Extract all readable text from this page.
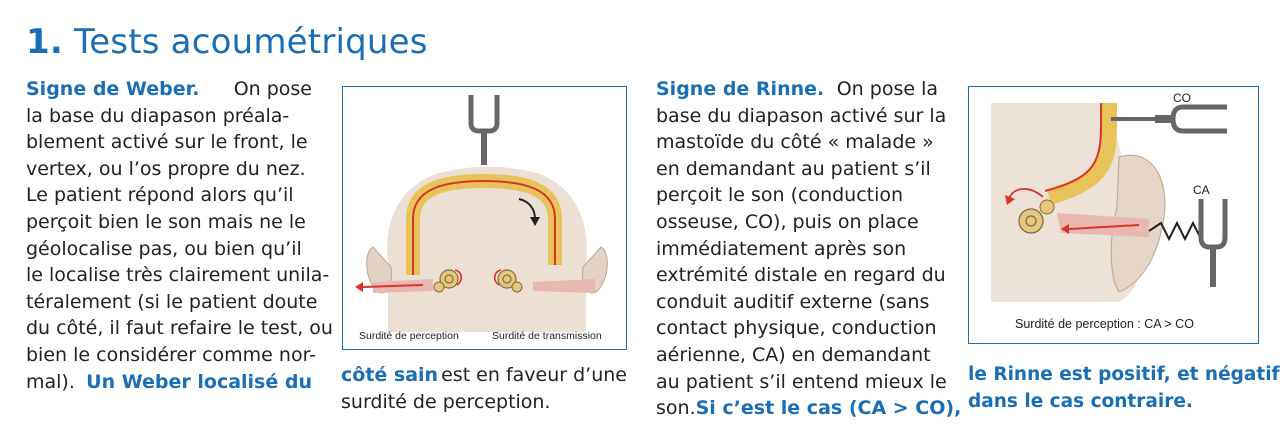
1. Tests acoumétriques
Signe de Weber. On pose
la base du diapason préala-
blement activé sur le front, le
vertex, ou l’os propre du nez.
Le patient répond alors qu’il
perçoit bien le son mais ne le
géolocalise pas, ou bien qu’il
le localise très clairement unila-
téralement (si le patient doute
du côté, il faut refaire le test, ou
bien le considérer comme nor-
mal). Un Weber localisé du
Surdité de perception	Surdité de transmission
côté sain est en faveur d’une
surdité de perception.
Signe de Rinne. On pose la
base du diapason activé sur la
mastoïde du côté « malade »
en demandant au patient s’il
perçoit le son (conduction
osseuse, CO), puis on place
immédiatement après son
extrémité distale en regard du
conduit auditif externe (sans
contact physique, conduction
aérienne, CA) en demandant
au patient s’il entend mieux le
son. Si c’est le cas (CA > CO),
CO
CA
Surdité de perception : CA > CO
le Rinne est positif, et négatif
dans le cas contraire.
